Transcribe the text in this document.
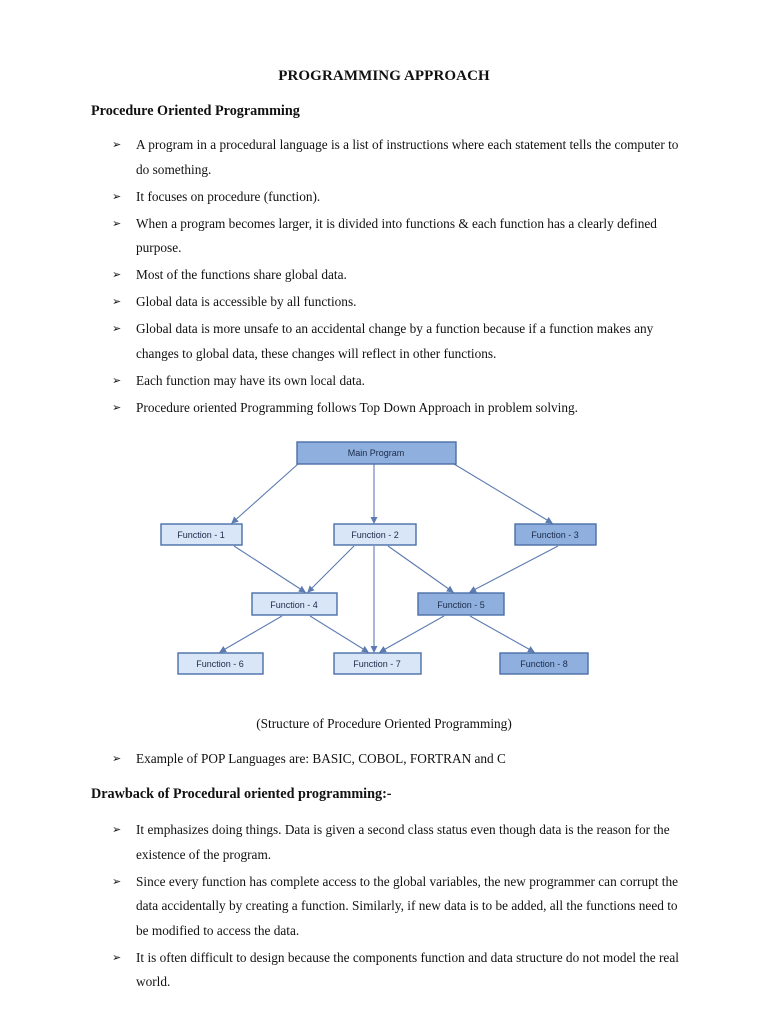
PROGRAMMING APPROACH
Procedure Oriented Programming
➢ A program in a procedural language is a list of instructions where each statement tells the computer to do something.
➢ It focuses on procedure (function).
➢ When a program becomes larger, it is divided into functions & each function has a clearly defined purpose.
➢ Most of the functions share global data.
➢ Global data is accessible by all functions.
➢ Global data is more unsafe to an accidental change by a function because if a function makes any changes to global data, these changes will reflect in other functions.
➢ Each function may have its own local data.
➢ Procedure oriented Programming follows Top Down Approach in problem solving.
Main Program
Function - 1	Function - 2	Function - 3
Function - 4	Function - 5
Function - 6	Function - 7	Function - 8
(Structure of Procedure Oriented Programming)
➢ Example of POP Languages are: BASIC, COBOL, FORTRAN and C
Drawback of Procedural oriented programming:-
➢ It emphasizes doing things. Data is given a second class status even though data is the reason for the existence of the program.
➢ Since every function has complete access to the global variables, the new programmer can corrupt the data accidentally by creating a function. Similarly, if new data is to be added, all the functions need to be modified to access the data.
➢ It is often difficult to design because the components function and data structure do not model the real world.
